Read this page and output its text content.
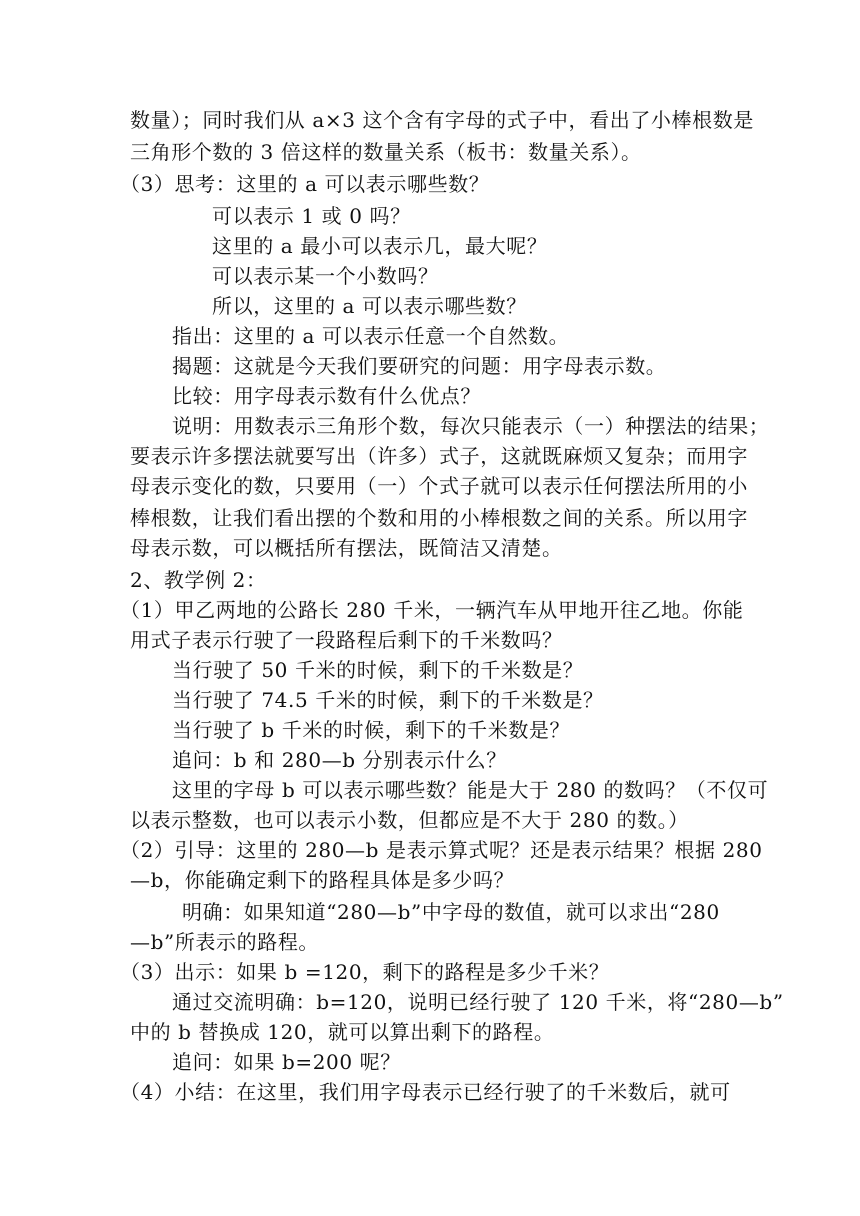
数量）；同时我们从 a×3 这个含有字母的式子中，看出了小棒根数是
三角形个数的 3 倍这样的数量关系（板书：数量关系）。
（3）思考：这里的 a 可以表示哪些数？
可以表示 1 或 0 吗？
这里的 a 最小可以表示几，最大呢？
可以表示某一个小数吗？
所以，这里的 a 可以表示哪些数？
指出：这里的 a 可以表示任意一个自然数。
揭题：这就是今天我们要研究的问题：用字母表示数。
比较：用字母表示数有什么优点？
说明：用数表示三角形个数，每次只能表示（一）种摆法的结果；
要表示许多摆法就要写出（许多）式子，这就既麻烦又复杂；而用字
母表示变化的数，只要用（一）个式子就可以表示任何摆法所用的小
棒根数，让我们看出摆的个数和用的小棒根数之间的关系。所以用字
母表示数，可以概括所有摆法，既简洁又清楚。
2、教学例 2：
（1）甲乙两地的公路长 280 千米，一辆汽车从甲地开往乙地。你能
用式子表示行驶了一段路程后剩下的千米数吗？
当行驶了 50 千米的时候，剩下的千米数是？
当行驶了 74.5 千米的时候，剩下的千米数是？
当行驶了 b 千米的时候，剩下的千米数是？
追问：b 和 280—b 分别表示什么？
这里的字母 b 可以表示哪些数？能是大于 280 的数吗？（不仅可
以表示整数，也可以表示小数，但都应是不大于 280 的数。）
（2）引导：这里的 280—b 是表示算式呢？还是表示结果？根据 280
—b，你能确定剩下的路程具体是多少吗？
明确：如果知道“280—b”中字母的数值，就可以求出“280
—b”所表示的路程。
（3）出示：如果 b =120，剩下的路程是多少千米？
通过交流明确：b=120，说明已经行驶了 120 千米，将“280—b”
中的 b 替换成 120，就可以算出剩下的路程。
追问：如果 b=200 呢？
（4）小结：在这里，我们用字母表示已经行驶了的千米数后，就可
